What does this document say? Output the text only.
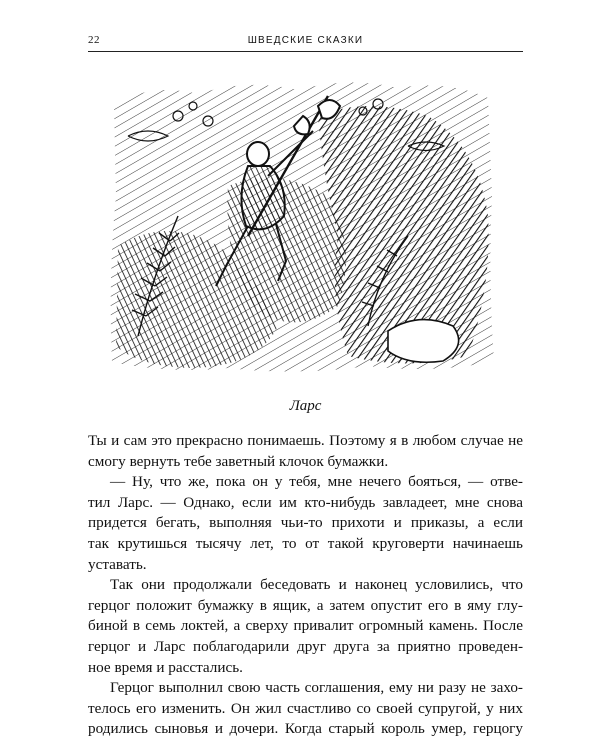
22	ШВЕДСКИЕ СКАЗКИ
Ларс
Ты и сам это прекрасно понимаешь. Поэтому я в любом случае не
смогу вернуть тебе заветный клочок бумажки.
— Ну, что же, пока он у тебя, мне нечего бояться, — отве-
тил Ларс. — Однако, если им кто-нибудь завладеет, мне снова
придется бегать, выполняя чьи-то прихоти и приказы, а если
так крутишься тысячу лет, то от такой круговерти начинаешь
уставать.
Так они продолжали беседовать и наконец условились, что
герцог положит бумажку в ящик, а затем опустит его в яму глу-
биной в семь локтей, а сверху привалит огромный камень. После
герцог и Ларс поблагодарили друг друга за приятно проведен-
ное время и расстались.
Герцог выполнил свою часть соглашения, ему ни разу не захо-
телось его изменить. Он жил счастливо со своей супругой, у них
родились сыновья и дочери. Когда старый король умер, герцогу
